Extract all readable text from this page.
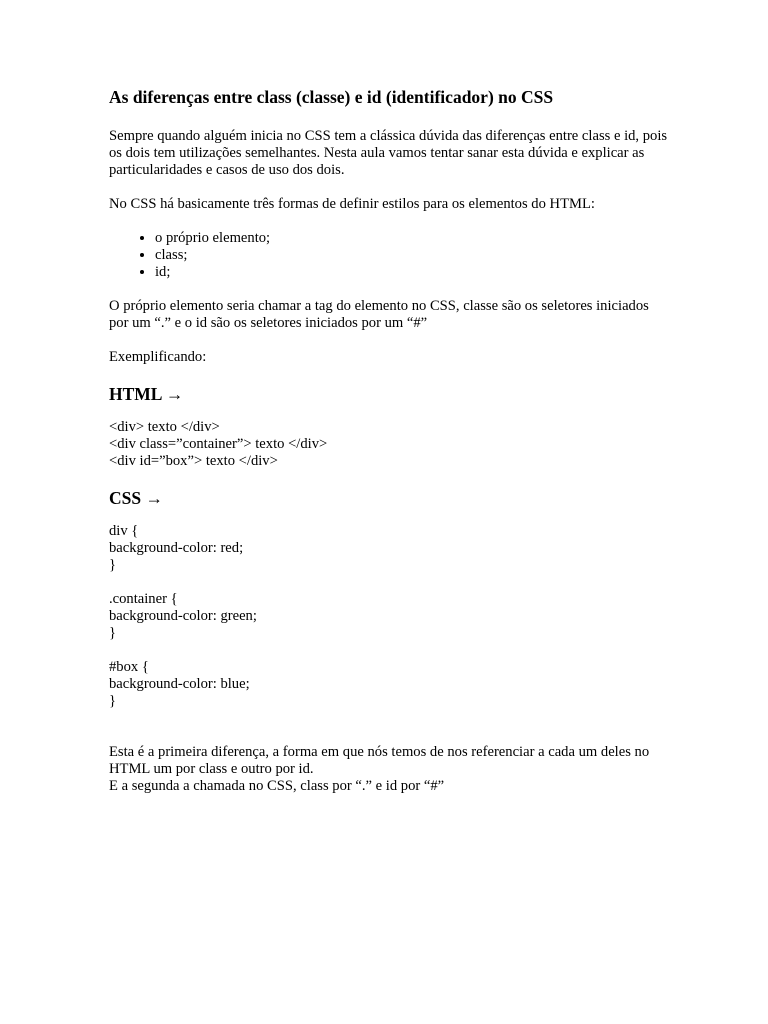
As diferenças entre class (classe) e id (identificador) no CSS

Sempre quando alguém inicia no CSS tem a clássica dúvida das diferenças entre class e id, pois os dois tem utilizações semelhantes. Nesta aula vamos tentar sanar esta dúvida e explicar as particularidades e casos de uso dos dois.

No CSS há basicamente três formas de definir estilos para os elementos do HTML:

• o próprio elemento;
• class;
• id;

O próprio elemento seria chamar a tag do elemento no CSS, classe são os seletores iniciados por um “.” e o id são os seletores iniciados por um “#”

Exemplificando:

HTML →
<div> texto </div>
<div class=”container”> texto </div>
<div id=”box”> texto </div>
CSS →
div {
background-color: red;
}
.container {
background-color: green;
}
#box {
background-color: blue;
}
Esta é a primeira diferença, a forma em que nós temos de nos referenciar a cada um deles no HTML um por class e outro por id.
E a segunda a chamada no CSS, class por “.” e id por “#”
